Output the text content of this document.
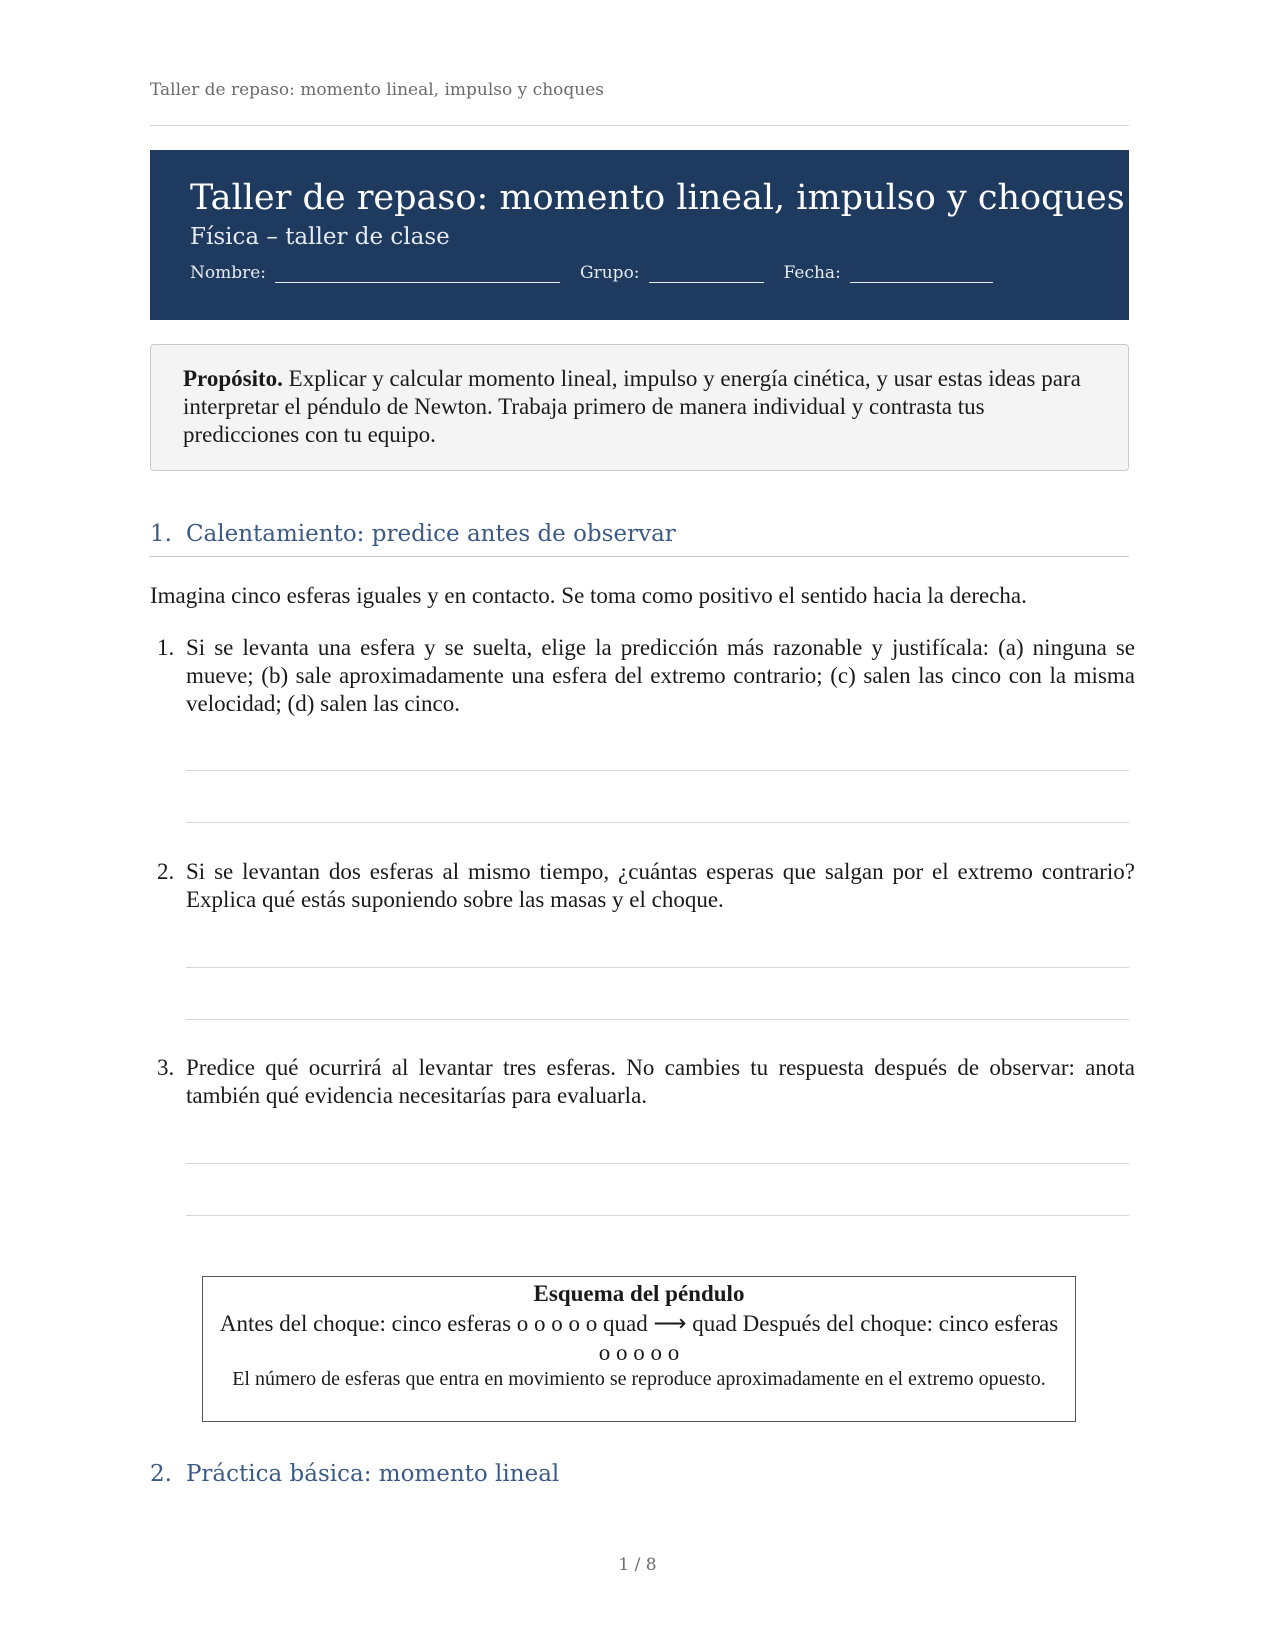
Taller de repaso: momento lineal, impulso y choques
Taller de repaso: momento lineal, impulso y choques
Física – taller de clase
Nombre:	Grupo:	Fecha:
Propósito. Explicar y calcular momento lineal, impulso y energía cinética, y usar estas ideas para interpretar el péndulo de Newton. Trabaja primero de manera individual y contrasta tus predicciones con tu equipo.
1. Calentamiento: predice antes de observar
Imagina cinco esferas iguales y en contacto. Se toma como positivo el sentido hacia la derecha.
1. Si se levanta una esfera y se suelta, elige la predicción más razonable y justifícala: (a) ninguna se mueve; (b) sale aproximadamente una esfera del extremo contrario; (c) salen las cinco con la misma velocidad; (d) salen las cinco.
2. Si se levantan dos esferas al mismo tiempo, ¿cuántas esperas que salgan por el extremo contrario? Explica qué estás suponiendo sobre las masas y el choque.
3. Predice qué ocurrirá al levantar tres esferas. No cambies tu respuesta después de observar: anota también qué evidencia necesitarías para evaluarla.
Esquema del péndulo
Antes del choque: cinco esferas o o o o o quad ⟶ quad Después del choque: cinco esferas o o o o o
El número de esferas que entra en movimiento se reproduce aproximadamente en el extremo opuesto.
2. Práctica básica: momento lineal
1 / 8
